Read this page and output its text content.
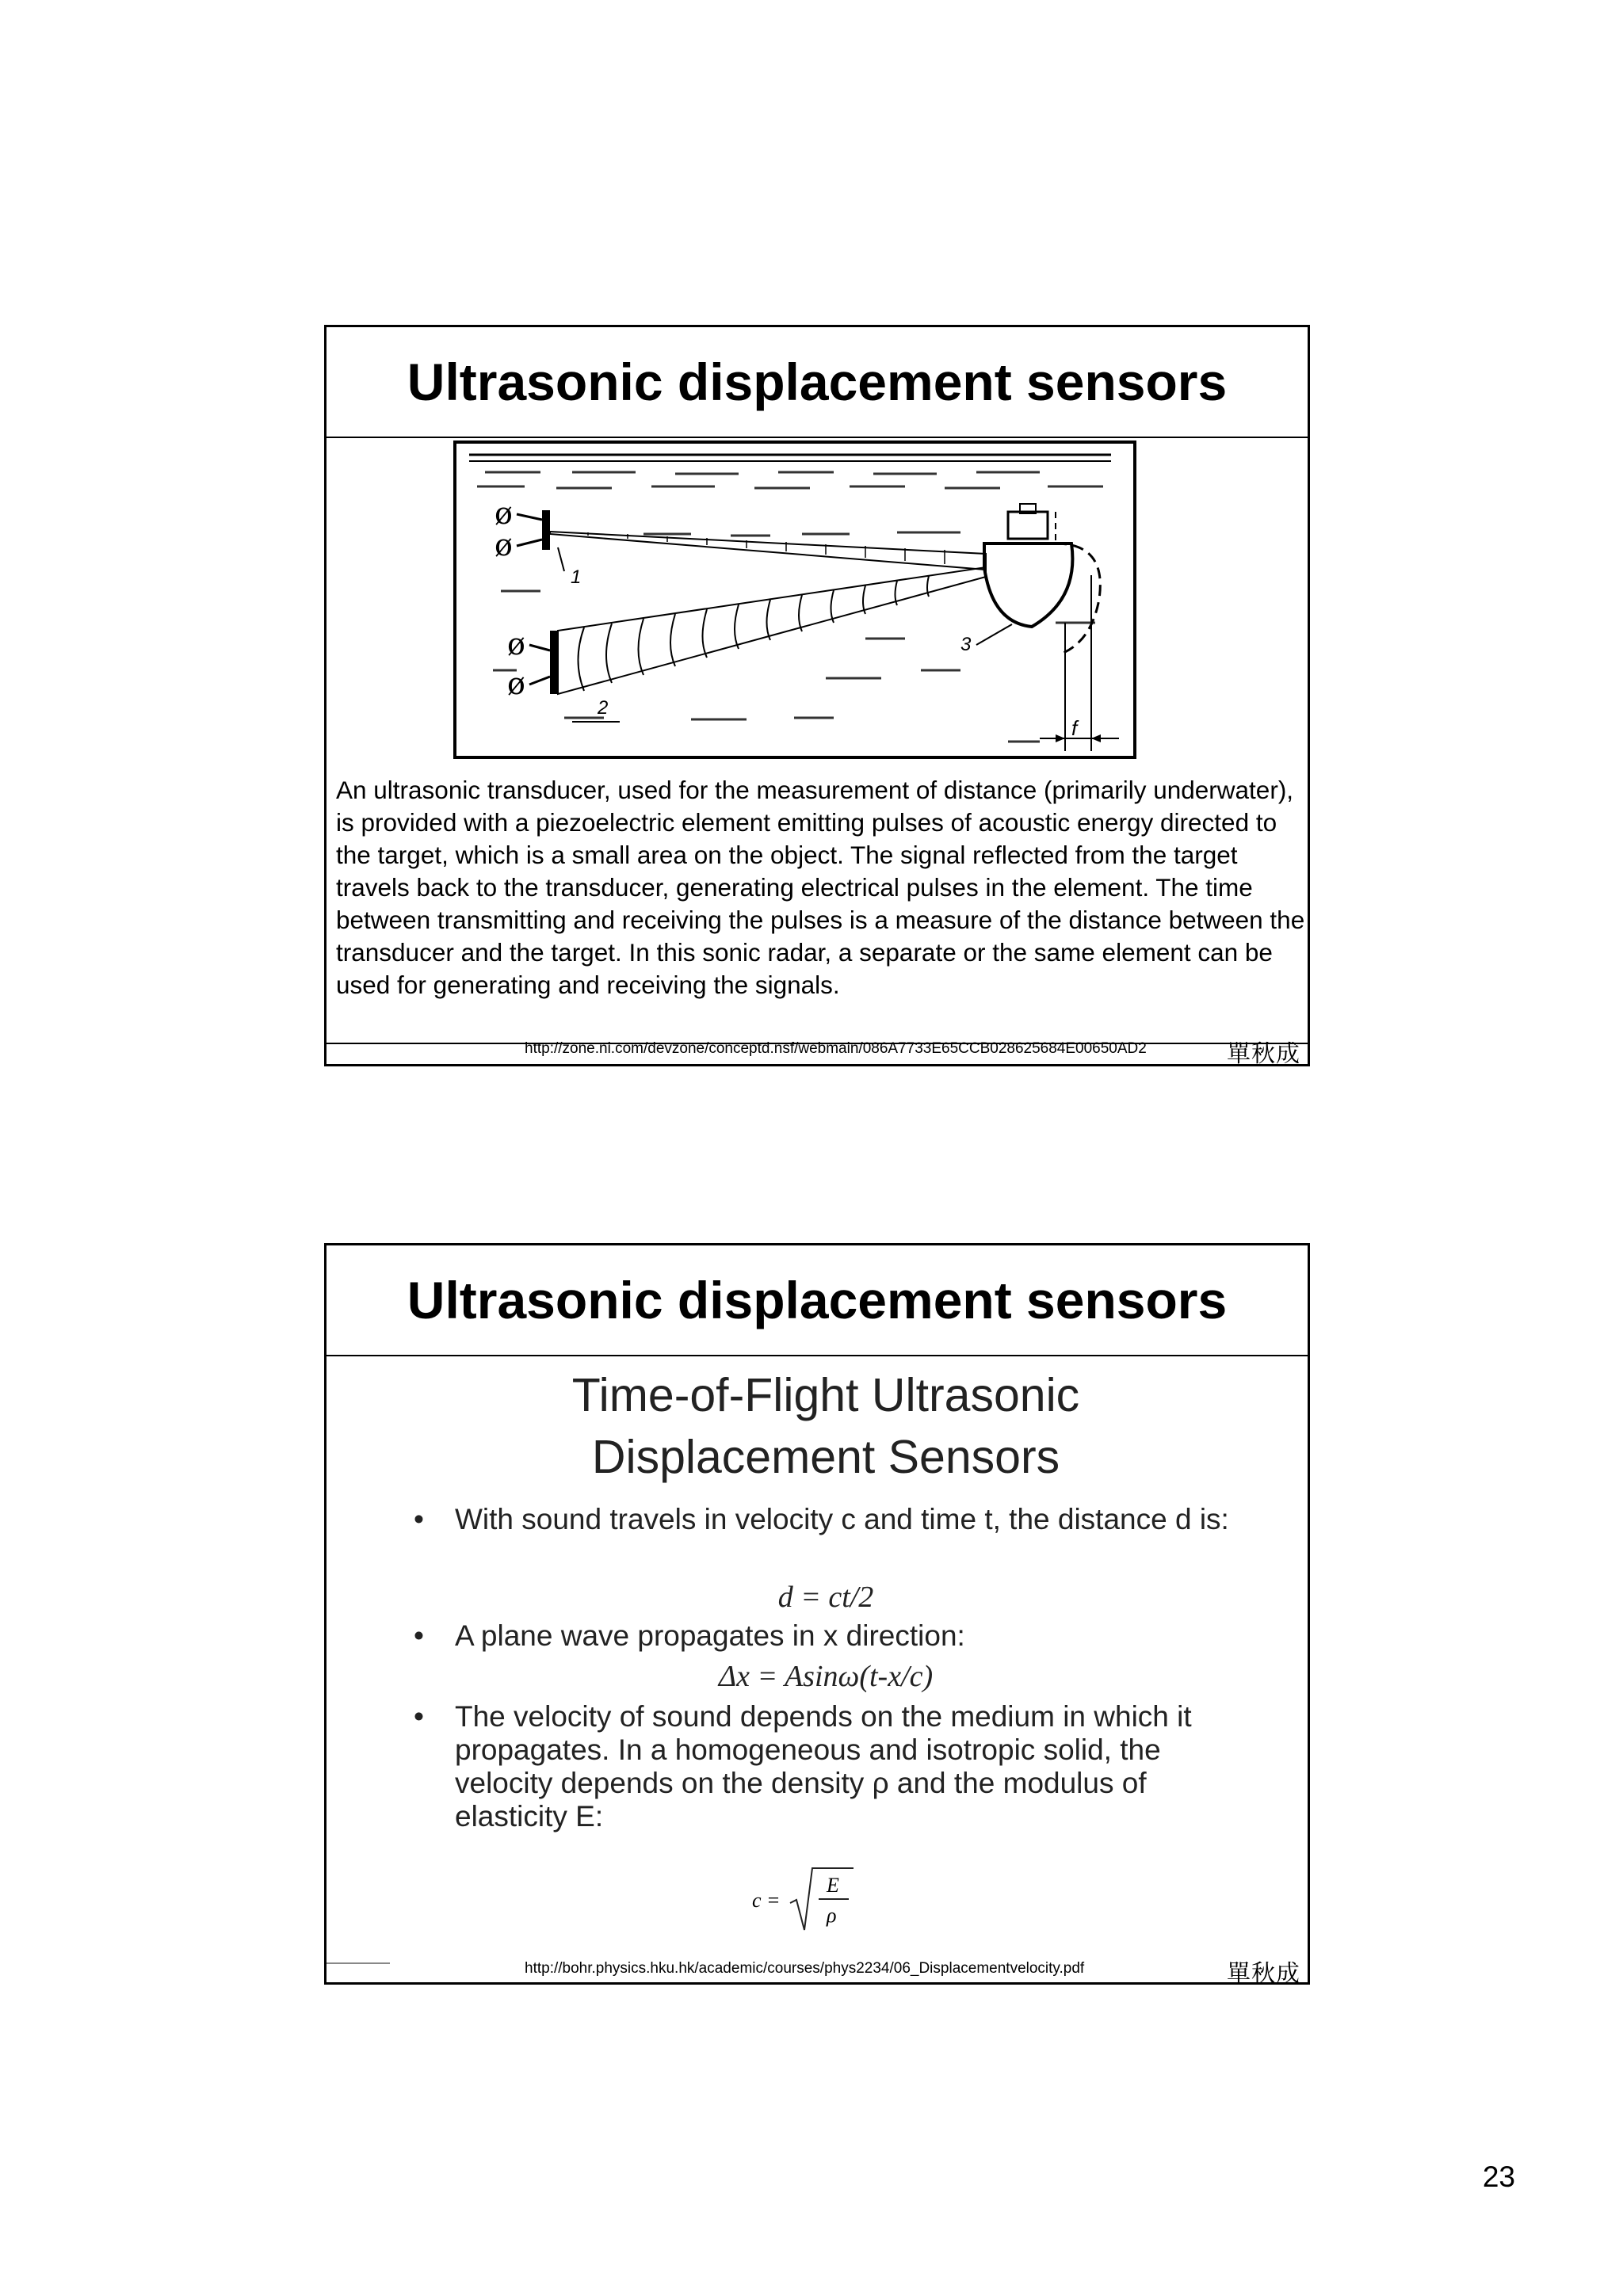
Ultrasonic displacement sensors
ø
ø
1
ø
ø
2
3
f
An ultrasonic transducer, used for the measurement of distance (primarily underwater), is provided with a piezoelectric element emitting pulses of acoustic energy directed to the target, which is a small area on the object. The signal reflected from the target travels back to the transducer, generating electrical pulses in the element. The time between transmitting and receiving the pulses is a measure of the distance between the transducer and the target. In this sonic radar, a separate or the same element can be used for generating and receiving the signals.
http://zone.ni.com/devzone/conceptd.nsf/webmain/086A7733E65CCB028625684E00650AD2	單秋成
Ultrasonic displacement sensors
Time-of-Flight Ultrasonic
Displacement Sensors
• With sound travels in velocity c and time t, the distance d is:
d = ct/2
• A plane wave propagates in x direction:
Δx = Asinω(t-x/c)
• The velocity of sound depends on the medium in which it propagates. In a homogeneous and isotropic solid, the velocity depends on the density ρ and the modulus of elasticity E:
c =
E
ρ
http://bohr.physics.hku.hk/academic/courses/phys2234/06_Displacementvelocity.pdf	單秋成
23
